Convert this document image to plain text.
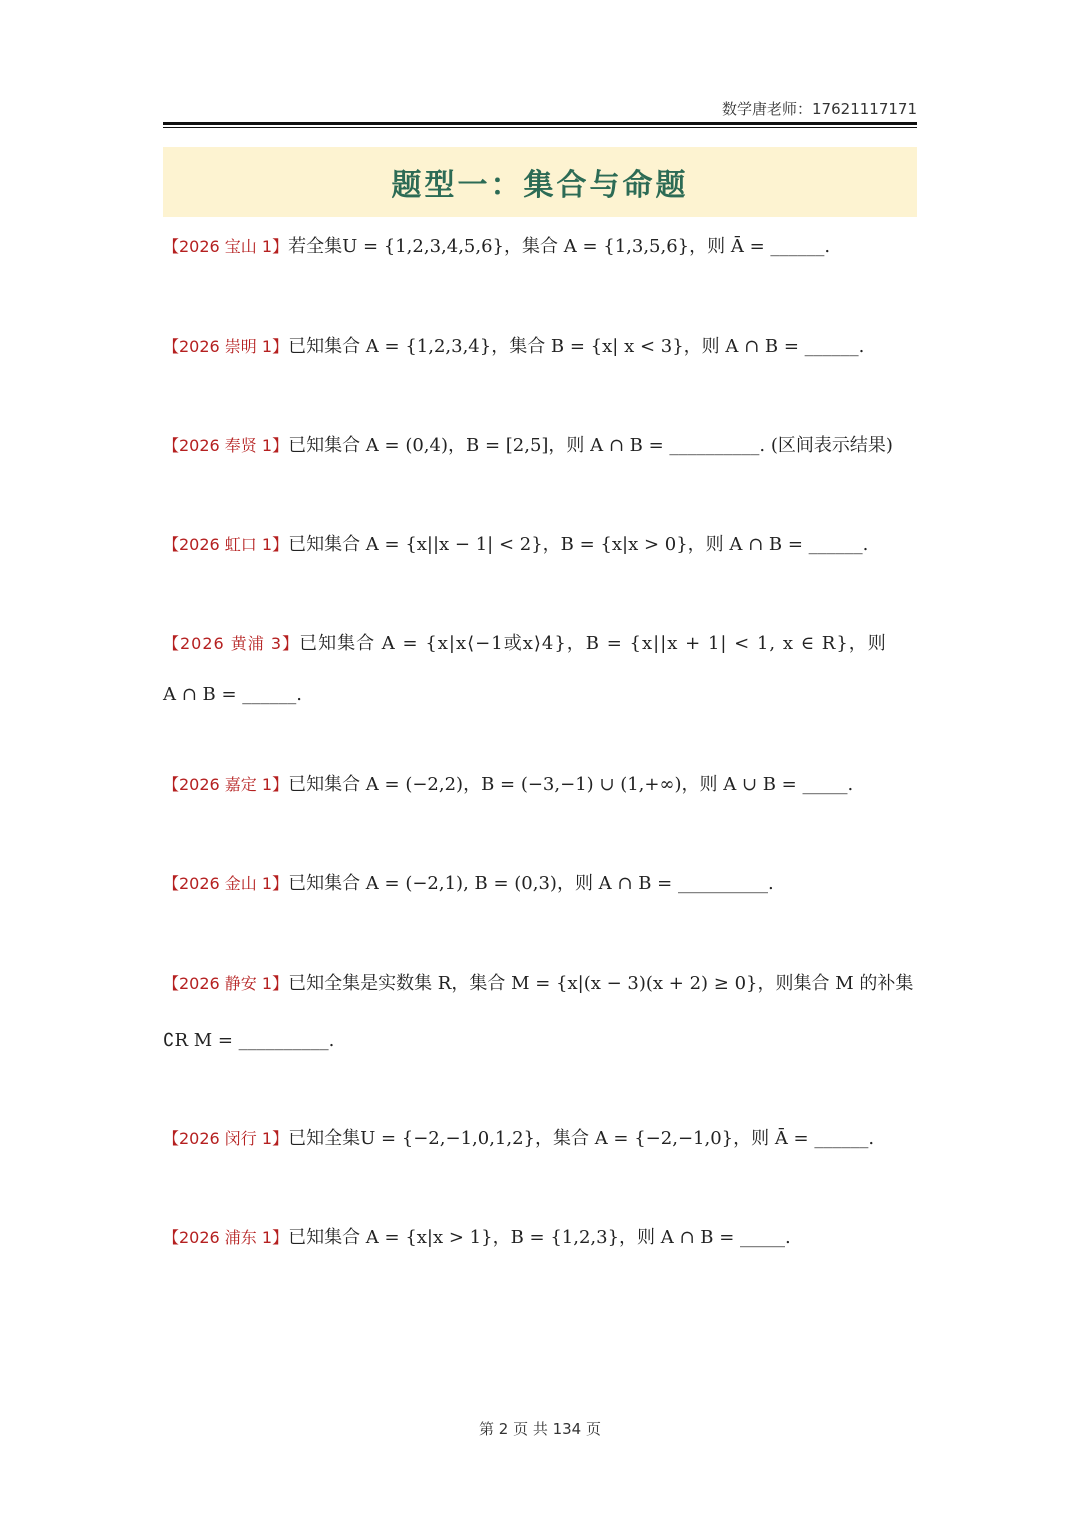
数学唐老师：17621117171
题型一：集合与命题
【2026 宝山 1】若全集U = {1,2,3,4,5,6}，集合 A = {1,3,5,6}，则 Ā = ______.
【2026 崇明 1】已知集合 A = {1,2,3,4}，集合 B = {x| x < 3}，则 A ∩ B = ______.
【2026 奉贤 1】已知集合 A = (0,4)，B = [2,5]，则 A ∩ B = __________. (区间表示结果)
【2026 虹口 1】已知集合 A = {x||x − 1| < 2}，B = {x|x > 0}，则 A ∩ B = ______.
【2026 黄浦 3】已知集合 A = {x|x⟨−1或x⟩4}，B = {x||x + 1| < 1, x ∈ R}，则
A ∩ B = ______.
【2026 嘉定 1】已知集合 A = (−2,2)，B = (−3,−1) ∪ (1,+∞)，则 A ∪ B = _____.
【2026 金山 1】已知集合 A = (−2,1), B = (0,3)，则 A ∩ B = __________.
【2026 静安 1】已知全集是实数集 R，集合 M = {x|(x − 3)(x + 2) ≥ 0}，则集合 M 的补集
∁R M = __________.
【2026 闵行 1】已知全集U = {−2,−1,0,1,2}，集合 A = {−2,−1,0}，则 Ā = ______.
【2026 浦东 1】已知集合 A = {x|x > 1}，B = {1,2,3}，则 A ∩ B = _____.
第 2 页 共 134 页
